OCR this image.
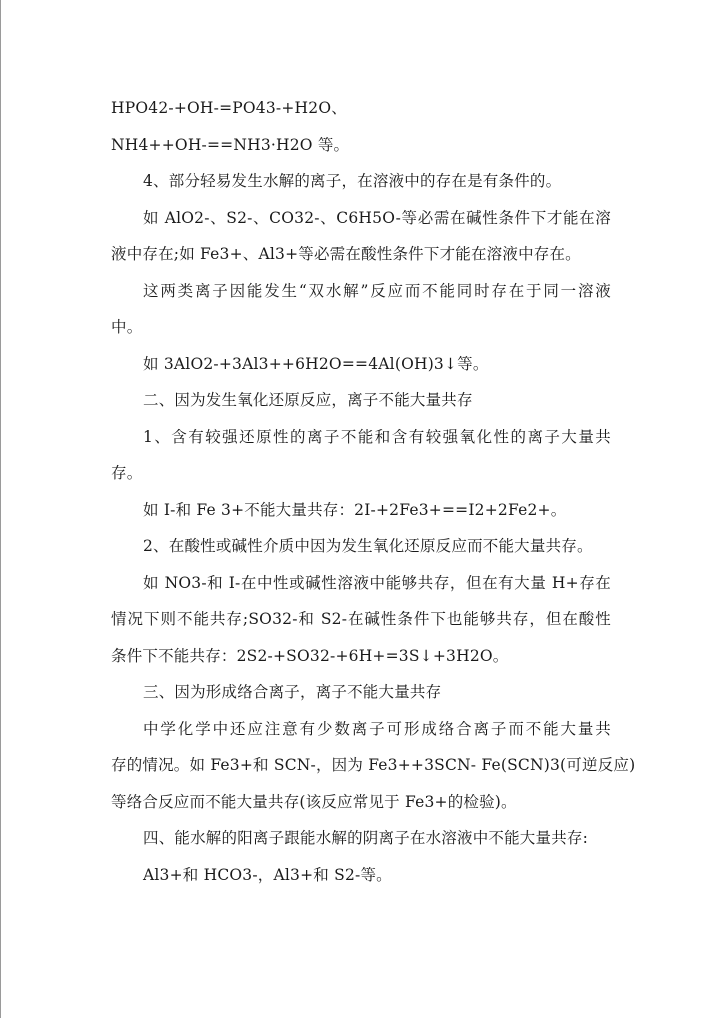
HPO42-+OH-=PO43-+H2O、
NH4++OH-==NH3·H2O 等。
4、部分轻易发生水解的离子，在溶液中的存在是有条件的。
如 AlO2-、S2-、CO32-、C6H5O-等必需在碱性条件下才能在溶
液中存在;如 Fe3+、Al3+等必需在酸性条件下才能在溶液中存在。
这两类离子因能发生“双水解”反应而不能同时存在于同一溶液
中。
如 3AlO2-+3Al3++6H2O==4Al(OH)3↓等。
二、因为发生氧化还原反应，离子不能大量共存
1、含有较强还原性的离子不能和含有较强氧化性的离子大量共
存。
如 I-和 Fe 3+不能大量共存：2I-+2Fe3+==I2+2Fe2+。
2、在酸性或碱性介质中因为发生氧化还原反应而不能大量共存。
如 NO3-和 I-在中性或碱性溶液中能够共存，但在有大量 H+存在
情况下则不能共存;SO32-和 S2-在碱性条件下也能够共存，但在酸性
条件下不能共存：2S2-+SO32-+6H+=3S↓+3H2O。
三、因为形成络合离子，离子不能大量共存
中学化学中还应注意有少数离子可形成络合离子而不能大量共
存的情况。如 Fe3+和 SCN-，因为 Fe3++3SCN- Fe(SCN)3(可逆反应)
等络合反应而不能大量共存(该反应常见于 Fe3+的检验)。
四、能水解的阳离子跟能水解的阴离子在水溶液中不能大量共存:
Al3+和 HCO3-，Al3+和 S2-等。
